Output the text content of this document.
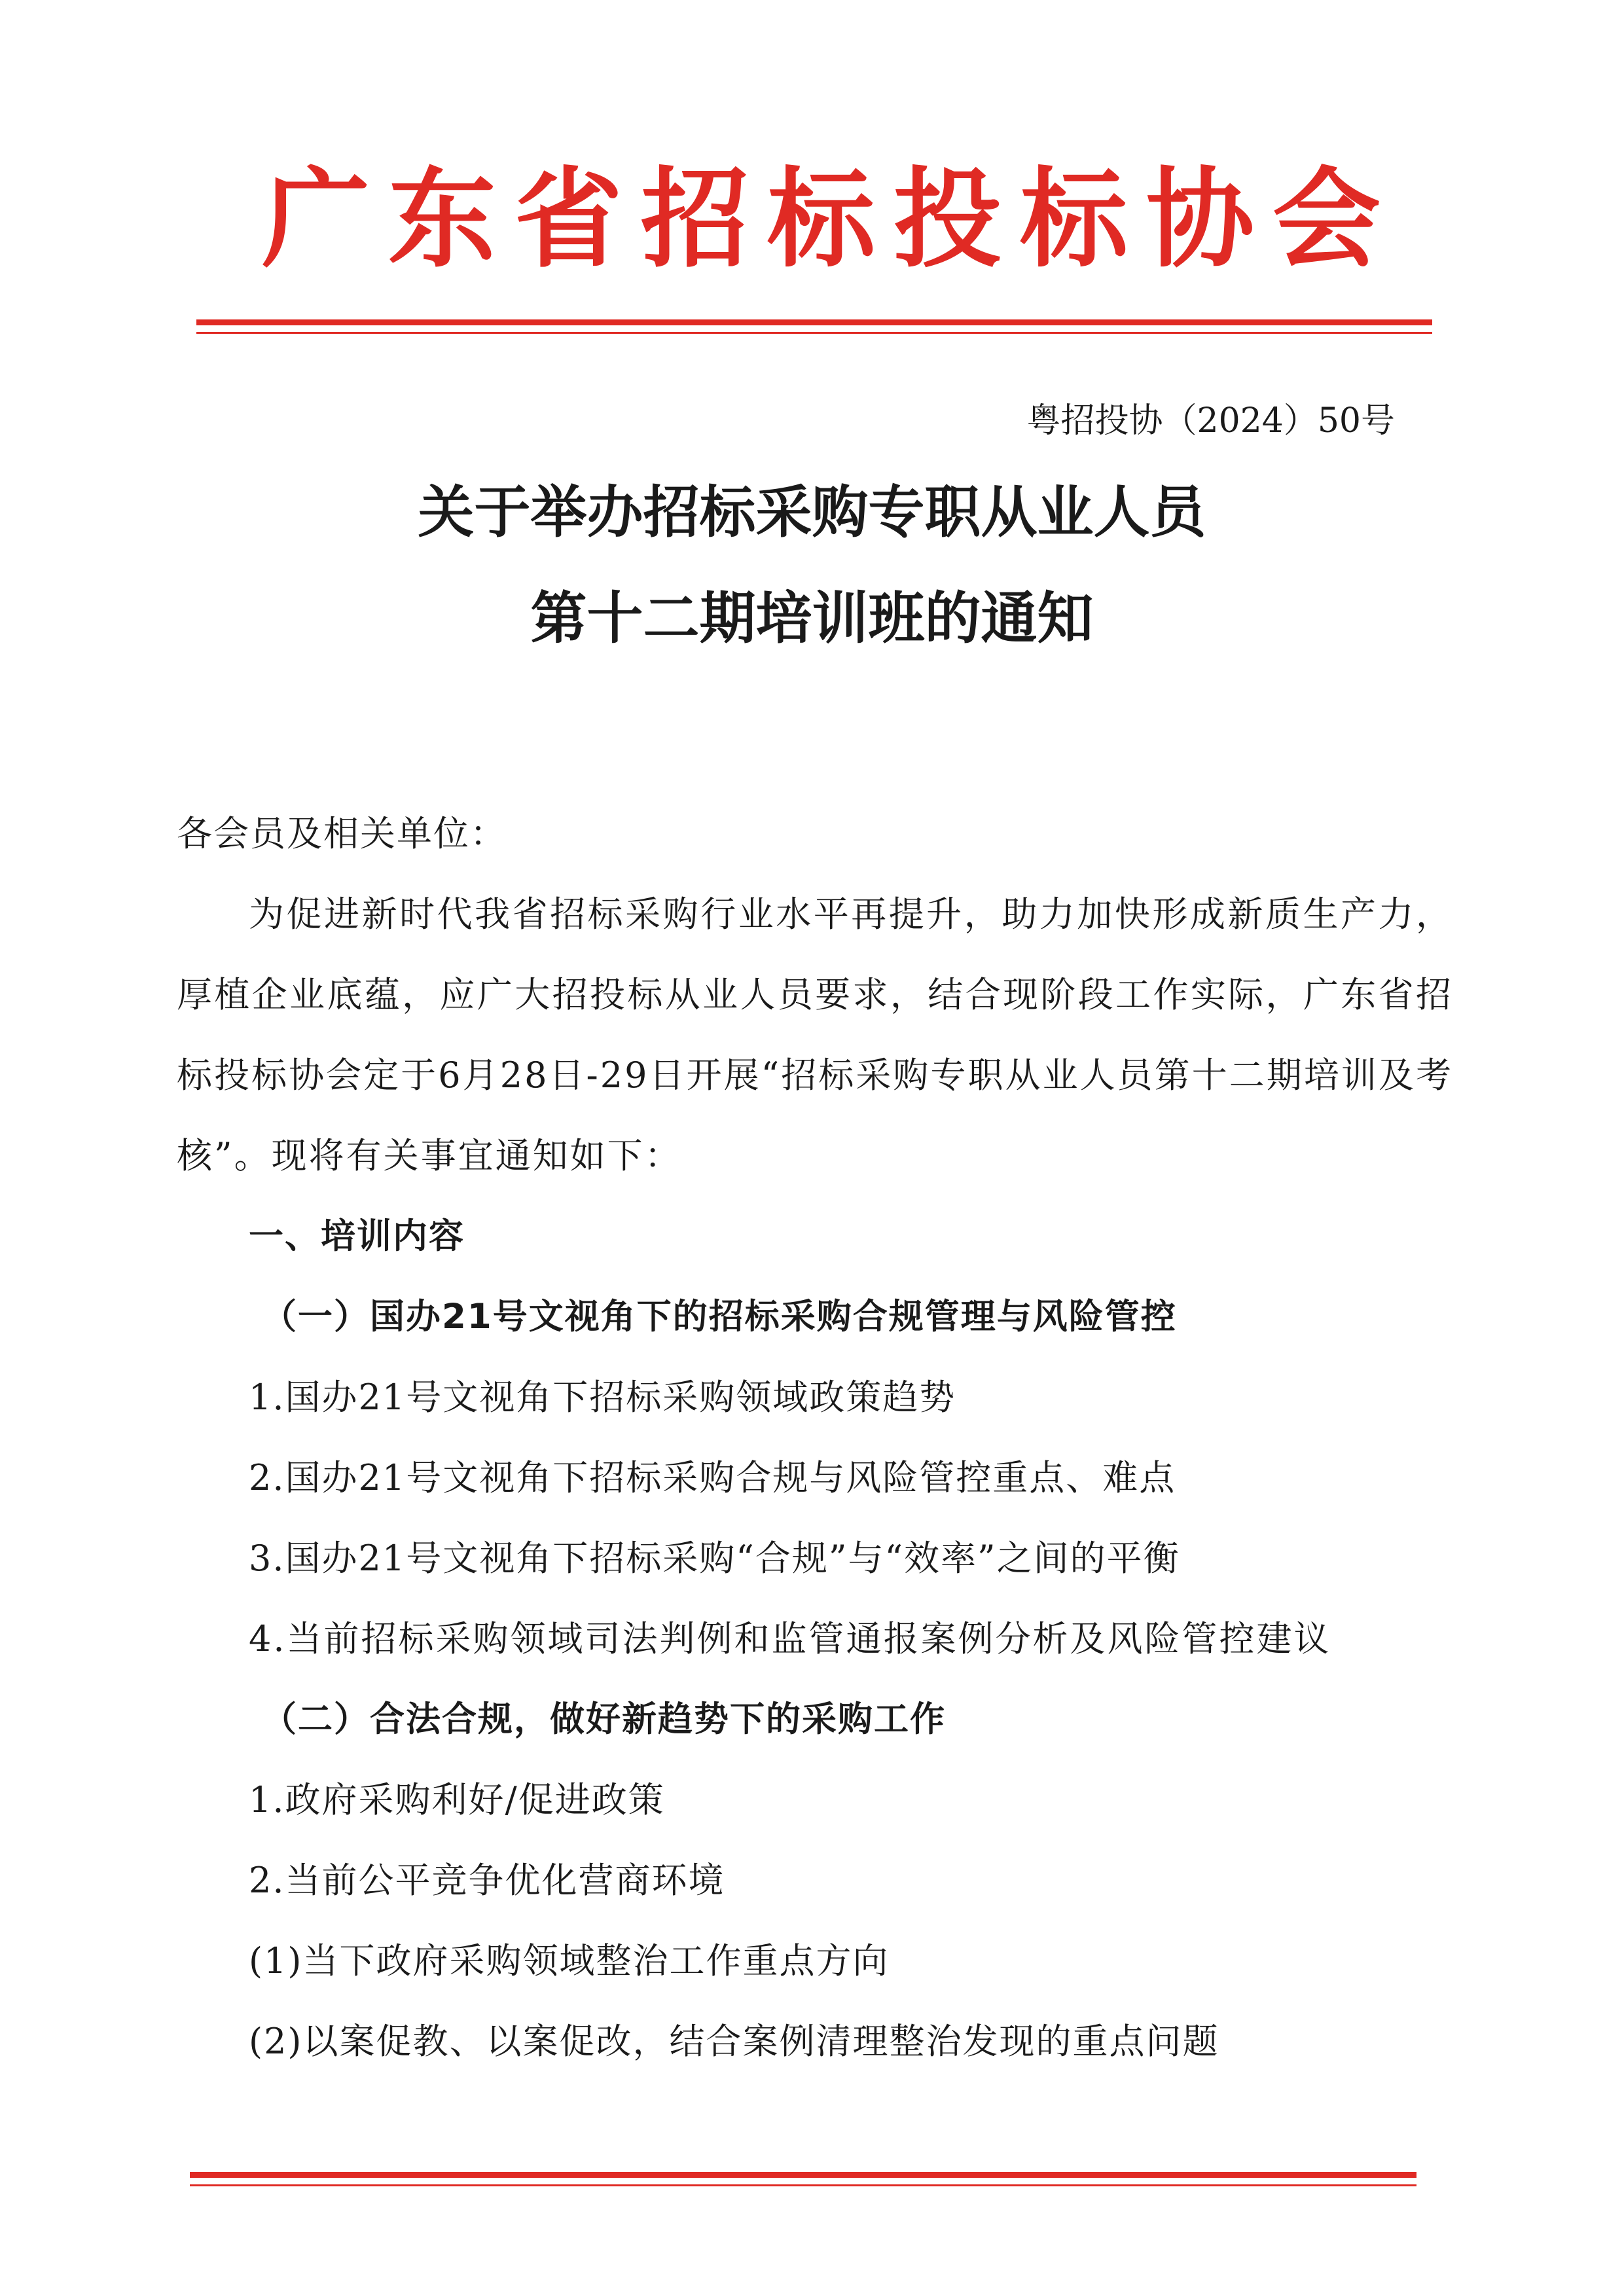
广东省招标投标协会
粤招投协（2024）50号
关于举办招标采购专职从业人员
第十二期培训班的通知
各会员及相关单位：

为促进新时代我省招标采购行业水平再提升，助力加快形成新质生产力，厚植企业底蕴，应广大招投标从业人员要求，结合现阶段工作实际，广东省招标投标协会定于6月28日-29日开展“招标采购专职从业人员第十二期培训及考核”。现将有关事宜通知如下：

一、培训内容
（一）国办21号文视角下的招标采购合规管理与风险管控
1.国办21号文视角下招标采购领域政策趋势
2.国办21号文视角下招标采购合规与风险管控重点、难点
3.国办21号文视角下招标采购“合规”与“效率”之间的平衡

4.当前招标采购领域司法判例和监管通报案例分析及风险管控建议

（二）合法合规，做好新趋势下的采购工作
1.政府采购利好/促进政策
2.当前公平竞争优化营商环境
(1)当下政府采购领域整治工作重点方向
(2)以案促教、以案促改，结合案例清理整治发现的重点问题
